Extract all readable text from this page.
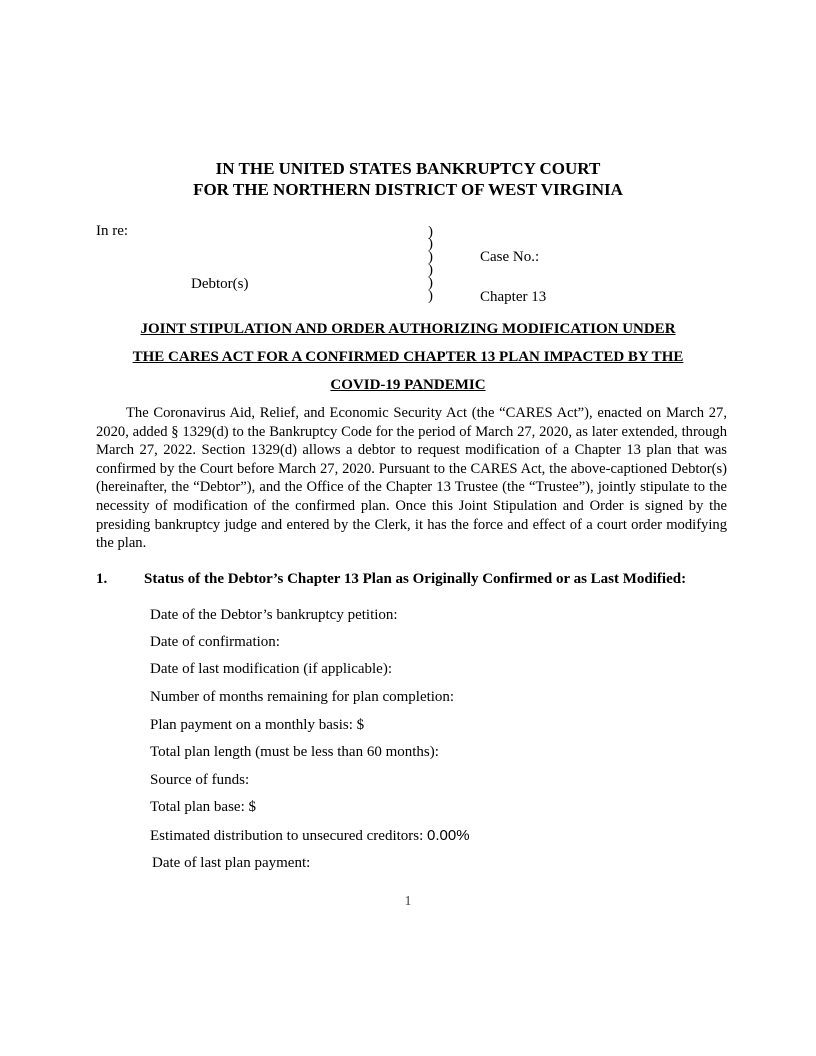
IN THE UNITED STATES BANKRUPTCY COURT
FOR THE NORTHERN DISTRICT OF WEST VIRGINIA
In re:
Debtor(s)
)
)
)
)
)
)
Case No.:
Chapter 13
JOINT STIPULATION AND ORDER AUTHORIZING MODIFICATION UNDER
THE CARES ACT FOR A CONFIRMED CHAPTER 13 PLAN IMPACTED BY THE
COVID-19 PANDEMIC
The Coronavirus Aid, Relief, and Economic Security Act (the “CARES Act”), enacted on March 27, 2020, added § 1329(d) to the Bankruptcy Code for the period of March 27, 2020, as later extended, through March 27, 2022. Section 1329(d) allows a debtor to request modification of a Chapter 13 plan that was confirmed by the Court before March 27, 2020. Pursuant to the CARES Act, the above-captioned Debtor(s) (hereinafter, the “Debtor”), and the Office of the Chapter 13 Trustee (the “Trustee”), jointly stipulate to the necessity of modification of the confirmed plan. Once this Joint Stipulation and Order is signed by the presiding bankruptcy judge and entered by the Clerk, it has the force and effect of a court order modifying the plan.
1. Status of the Debtor’s Chapter 13 Plan as Originally Confirmed or as Last Modified:
Date of the Debtor’s bankruptcy petition:
Date of confirmation:
Date of last modification (if applicable):
Number of months remaining for plan completion:
Plan payment on a monthly basis: $
Total plan length (must be less than 60 months):
Source of funds:
Total plan base: $
Estimated distribution to unsecured creditors: 0.00%
Date of last plan payment:
1
